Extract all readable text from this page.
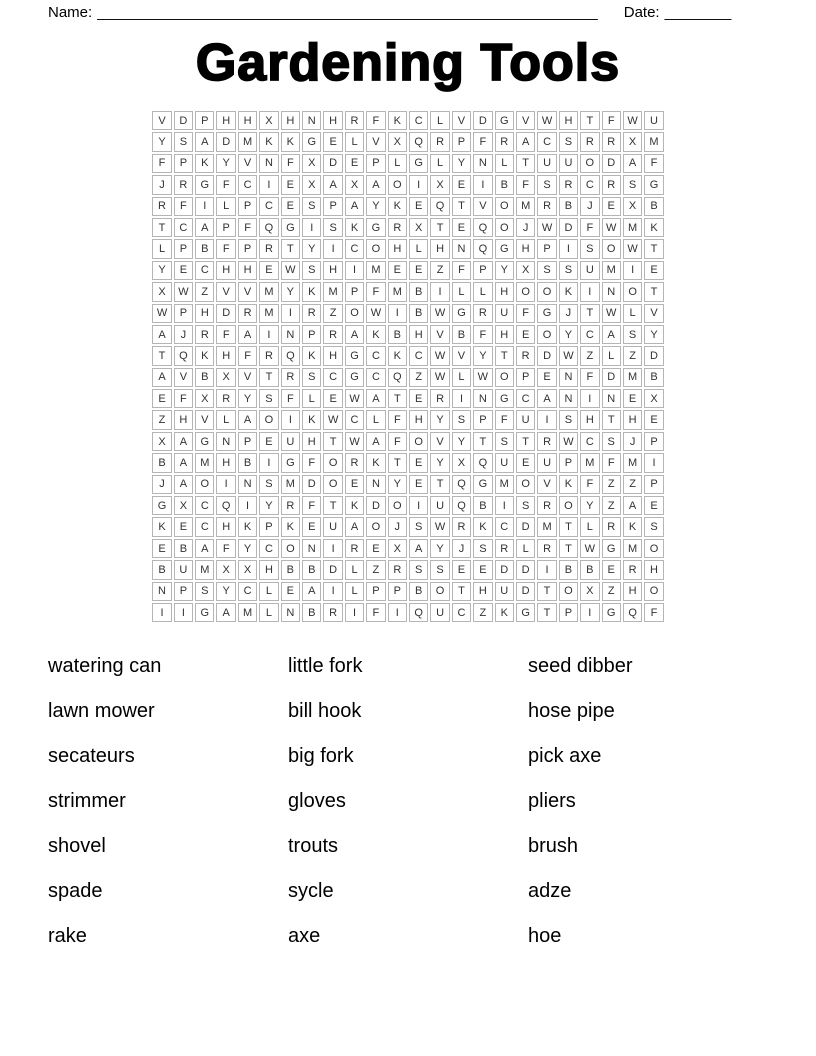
Name: ____________________________________________________________ Date: ________
Gardening Tools
V	D	P	H	H	X	H	N	H	R	F	K	C	L	V	D	G	V	W	H	T	F	W	U
Y	S	A	D	M	K	K	G	E	L	V	X	Q	R	P	F	R	A	C	S	R	R	X	M
F	P	K	Y	V	N	F	X	D	E	P	L	G	L	Y	N	L	T	U	U	O	D	A	F
J	R	G	F	C	I	E	X	A	X	A	O	I	X	E	I	B	F	S	R	C	R	S	G
R	F	I	L	P	C	E	S	P	A	Y	K	E	Q	T	V	O	M	R	B	J	E	X	B
T	C	A	P	F	Q	G	I	S	K	G	R	X	T	E	Q	O	J	W	D	F	W	M	K
L	P	B	F	P	R	T	Y	I	C	O	H	L	H	N	Q	G	H	P	I	S	O	W	T
Y	E	C	H	H	E	W	S	H	I	M	E	E	Z	F	P	Y	X	S	S	U	M	I	E
X	W	Z	V	V	M	Y	K	M	P	F	M	B	I	L	L	H	O	O	K	I	N	O	T
W	P	H	D	R	M	I	R	Z	O	W	I	B	W	G	R	U	F	G	J	T	W	L	V
A	J	R	F	A	I	N	P	R	A	K	B	H	V	B	F	H	E	O	Y	C	A	S	Y
T	Q	K	H	F	R	Q	K	H	G	C	K	C	W	V	Y	T	R	D	W	Z	L	Z	D
A	V	B	X	V	T	R	S	C	G	C	Q	Z	W	L	W	O	P	E	N	F	D	M	B
E	F	X	R	Y	S	F	L	E	W	A	T	E	R	I	N	G	C	A	N	I	N	E	X
Z	H	V	L	A	O	I	K	W	C	L	F	H	Y	S	P	F	U	I	S	H	T	H	E
X	A	G	N	P	E	U	H	T	W	A	F	O	V	Y	T	S	T	R	W	C	S	J	P
B	A	M	H	B	I	G	F	O	R	K	T	E	Y	X	Q	U	E	U	P	M	F	M	I
J	A	O	I	N	S	M	D	O	E	N	Y	E	T	Q	G	M	O	V	K	F	Z	Z	P
G	X	C	Q	I	Y	R	F	T	K	D	O	I	U	Q	B	I	S	R	O	Y	Z	A	E
K	E	C	H	K	P	K	E	U	A	O	J	S	W	R	K	C	D	M	T	L	R	K	S
E	B	A	F	Y	C	O	N	I	R	E	X	A	Y	J	S	R	L	R	T	W	G	M	O
B	U	M	X	X	H	B	B	D	L	Z	R	S	S	E	E	D	D	I	B	B	E	R	H
N	P	S	Y	C	L	E	A	I	L	P	P	B	O	T	H	U	D	T	O	X	Z	H	O
I	I	G	A	M	L	N	B	R	I	F	I	Q	U	C	Z	K	G	T	P	I	G	Q	F
watering can
lawn mower
secateurs
strimmer
shovel
spade
rake
little fork
bill hook
big fork
gloves
trouts
sycle
axe
seed dibber
hose pipe
pick axe
pliers
brush
adze
hoe
